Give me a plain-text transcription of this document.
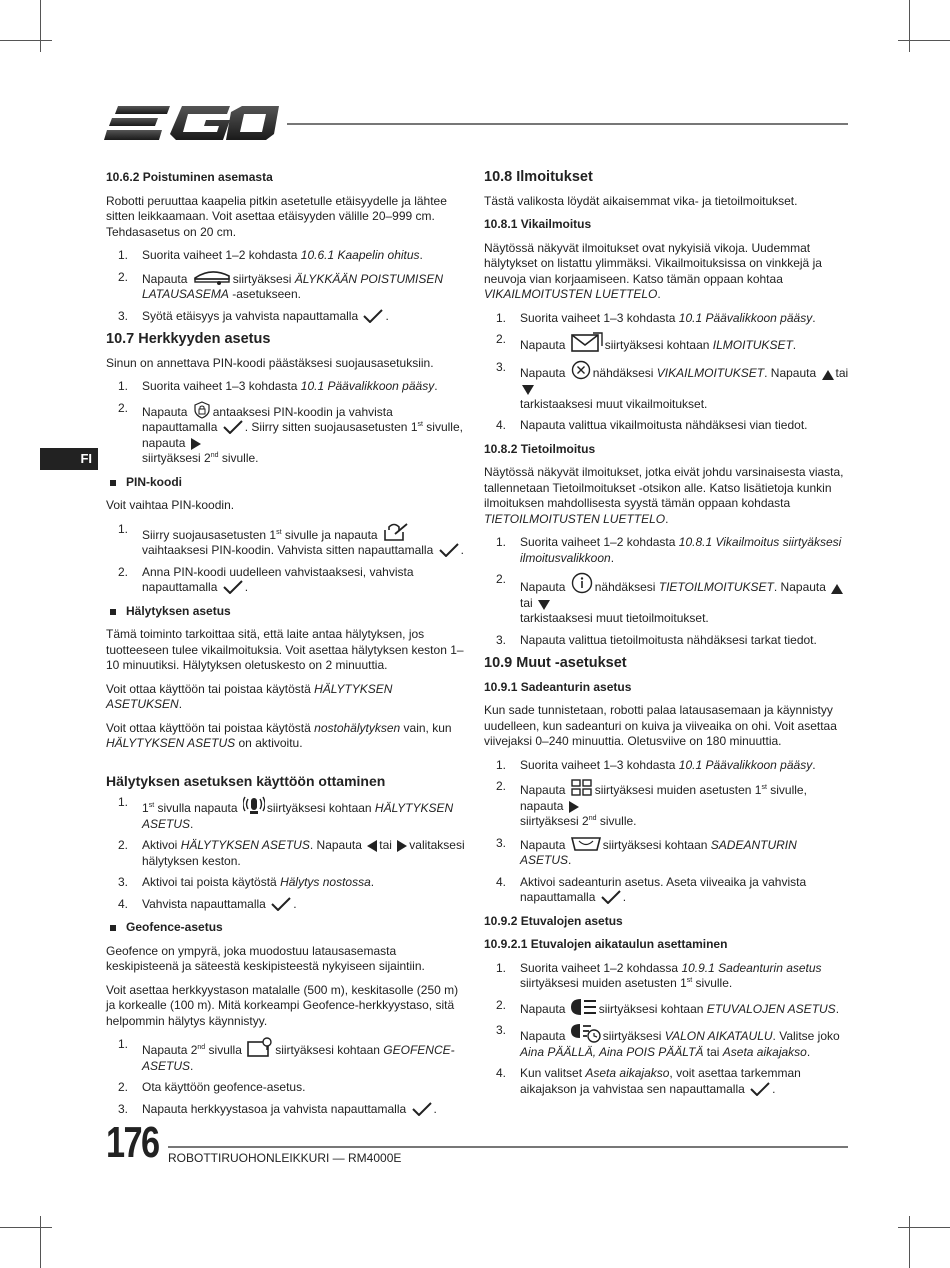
FI
10.6.2 Poistuminen asemasta

Robotti peruuttaa kaapelia pitkin asetetulle etäisyydelle ja lähtee sitten leikkaamaan. Voit asettaa etäisyyden välille 20–999 cm. Tehdasasetus on 20 cm.

1. Suorita vaiheet 1–2 kohdasta 10.6.1 Kaapelin ohitus.
2. Napauta	siirtyäksesi ÄLYKKÄÄN POISTUMISEN LATAUSASEMA -asetukseen.
3. Syötä etäisyys ja vahvista napauttamalla .
10.7 Herkkyyden asetus

Sinun on annettava PIN-koodi päästäksesi suojausasetuksiin.

1. Suorita vaiheet 1–3 kohdasta 10.1 Päävalikkoon pääsy.
2. Napauta antaaksesi PIN-koodin ja vahvista napauttamalla . Siirry sitten suojausasetusten 1st sivulle, napauta
siirtyäksesi 2nd sivulle.
PIN-koodi

Voit vaihtaa PIN-koodin.

1. Siirry suojausasetusten 1st sivulle ja napauta vaihtaaksesi PIN-koodin. Vahvista sitten napauttamalla .
2. Anna PIN-koodi uudelleen vahvistaaksesi, vahvista napauttamalla .
Hälytyksen asetus

Tämä toiminto tarkoittaa sitä, että laite antaa hälytyksen, jos tuotteeseen tulee vikailmoituksia. Voit asettaa hälytyksen keston 1–10 minuutiksi. Hälytyksen oletuskesto on 2 minuuttia.

Voit ottaa käyttöön tai poistaa käytöstä HÄLYTYKSEN ASETUKSEN.

Voit ottaa käyttöön tai poistaa käytöstä nostohälytyksen vain, kun HÄLYTYKSEN ASETUS on aktivoitu.

Hälytyksen asetuksen käyttöön ottaminen
1. 1st sivulla napauta siirtyäksesi kohtaan HÄLYTYKSEN ASETUS.
2. Aktivoi HÄLYTYKSEN ASETUS. Napauta tai valitaksesi hälytyksen keston.
3. Aktivoi tai poista käytöstä Hälytys nostossa.
4. Vahvista napauttamalla .
Geofence-asetus

Geofence on ympyrä, joka muodostuu latausasemasta keskipisteenä ja säteestä keskipisteestä nykyiseen sijaintiin.

Voit asettaa herkkyystason matalalle (500 m), keskitasolle (250 m) ja korkealle (100 m). Mitä korkeampi Geofence-herkkyystaso, sitä helpommin hälytys käynnistyy.

1. Napauta 2nd sivulla	siirtyäksesi kohtaan GEOFENCE-ASETUS.
2. Ota käyttöön geofence-asetus.
3. Napauta herkkyystasoa ja vahvista napauttamalla .
10.8 Ilmoitukset

Tästä valikosta löydät aikaisemmat vika- ja tietoilmoitukset.

10.8.1 Vikailmoitus

Näytössä näkyvät ilmoitukset ovat nykyisiä vikoja. Uudemmat hälytykset on listattu ylimmäksi. Vikailmoituksissa on vinkkejä ja neuvoja vian korjaamiseen. Katso tämän oppaan kohtaa VIKAILMOITUSTEN LUETTELO.

1. Suorita vaiheet 1–3 kohdasta 10.1 Päävalikkoon pääsy.
2. Napauta	siirtyäksesi kohtaan ILMOITUKSET.
3. Napauta nähdäksesi VIKAILMOITUKSET. Napauta tai
tarkistaaksesi muut vikailmoitukset.
4. Napauta valittua vikailmoitusta nähdäksesi vian tiedot.
10.8.2 Tietoilmoitus

Näytössä näkyvät ilmoitukset, jotka eivät johdu varsinaisesta viasta, tallennetaan Tietoilmoitukset -otsikon alle. Katso lisätietoja kunkin ilmoituksen mahdollisesta syystä tämän oppaan kohdasta TIETOILMOITUSTEN LUETTELO.

1. Suorita vaiheet 1–2 kohdasta 10.8.1 Vikailmoitus siirtyäksesi ilmoitusvalikkoon.
2.
Napauta nähdäksesi TIETOILMOITUKSET. Napauta tai
tarkistaaksesi muut tietoilmoitukset.
3. Napauta valittua tietoilmoitusta nähdäksesi tarkat tiedot.
10.9 Muut -asetukset
10.9.1 Sadeanturin asetus

Kun sade tunnistetaan, robotti palaa latausasemaan ja käynnistyy uudelleen, kun sadeanturi on kuiva ja viiveaika on ohi. Voit asettaa viivejaksi 0–240 minuuttia. Oletusviive on 180 minuuttia.

1. Suorita vaiheet 1–3 kohdasta 10.1 Päävalikkoon pääsy.
2. Napauta siirtyäksesi muiden asetusten 1st sivulle, napauta
siirtyäksesi 2nd sivulle.
3. Napauta	siirtyäksesi kohtaan SADEANTURIN ASETUS.
4. Aktivoi sadeanturin asetus. Aseta viiveaika ja vahvista napauttamalla .
10.9.2 Etuvalojen asetus
10.9.2.1 Etuvalojen aikataulun asettaminen
1. Suorita vaiheet 1–2 kohdassa 10.9.1 Sadeanturin asetus
siirtyäksesi muiden asetusten 1st sivulle.
2. Napauta	siirtyäksesi kohtaan ETUVALOJEN ASETUS.
3. Napauta	siirtyäksesi VALON AIKATAULU. Valitse joko Aina PÄÄLLÄ, Aina POIS PÄÄLTÄ tai Aseta aikajakso.
4. Kun valitset Aseta aikajakso, voit asettaa tarkemman aikajakson ja vahvistaa sen napauttamalla .
176 ROBOTTIRUOHONLEIKKURI — RM4000E
